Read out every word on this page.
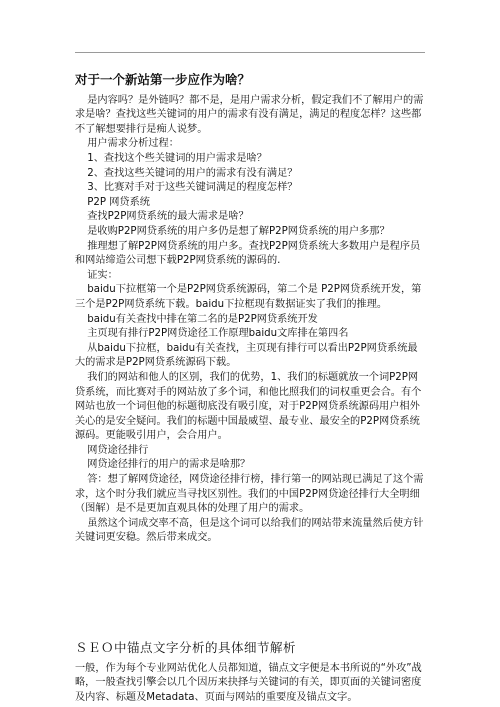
对于一个新站第一步应作为啥？
是内容吗？是外链吗？都不是，是用户需求分析，假定我们不了解用户的需求是啥？查找这些关键词的用户的需求有没有满足，满足的程度怎样？这些都不了解想要排行是痴人说梦。
用户需求分析过程：
1、查找这个些关键词的用户需求是啥？
2、查找这些关键词的用户的需求有没有满足？
3、比赛对手对于这些关键词满足的程度怎样？
P2P 网贷系统
查找P2P网贷系统的最大需求是啥？
是收购P2P网贷系统的用户多仍是想了解P2P网贷系统的用户多那？
推理想了解P2P网贷系统的用户多。查找P2P网贷系统大多数用户是程序员和网站缔造公司想下载P2P网贷系统的源码的.
证实：
baidu下拉框第一个是P2P网贷系统源码，第二个是 P2P网贷系统开发，第三个是P2P网贷系统下载。baidu下拉框现有数据证实了我们的推理。
baidu有关查找中排在第二名的是P2P网贷系统开发
主页现有排行P2P网贷途径工作原理baidu文库排在第四名
从baidu下拉框，baidu有关查找，主页现有排行可以看出P2P网贷系统最大的需求是P2P网贷系统源码下载。
我们的网站和他人的区别，我们的优势，1、我们的标题就放一个词P2P网贷系统，而比赛对手的网站放了多个词，和他比照我们的词权重更会合。有个网站也放一个词但他的标题彻底没有吸引度，对于P2P网贷系统源码用户相外关心的是安全疑问。我们的标题中国最威望、最专业、最安全的P2P网贷系统源码。更能吸引用户，会合用户。
网贷途径排行
网贷途径排行的用户的需求是啥那？
答：想了解网贷途径，网贷途径排行榜，排行第一的网站现已满足了这个需求，这个时分我们就应当寻找区别性。我们的中国P2P网贷途径排行大全明细（图解）是不是更加直观具体的处理了用户的需求。
虽然这个词成交率不高，但是这个词可以给我们的网站带来流量然后使方针关键词更安稳。然后带来成交。
ＳＥＯ中锚点文字分析的具体细节解析
一般，作为每个专业网站优化人员都知道，锚点文字便是本书所说的“外攻”战略，一般查找引擎会以几个因历来抉择与关键词的有关，即页面的关键词密度及内容、标题及Metadata、页面与网站的重要度及锚点文字。
